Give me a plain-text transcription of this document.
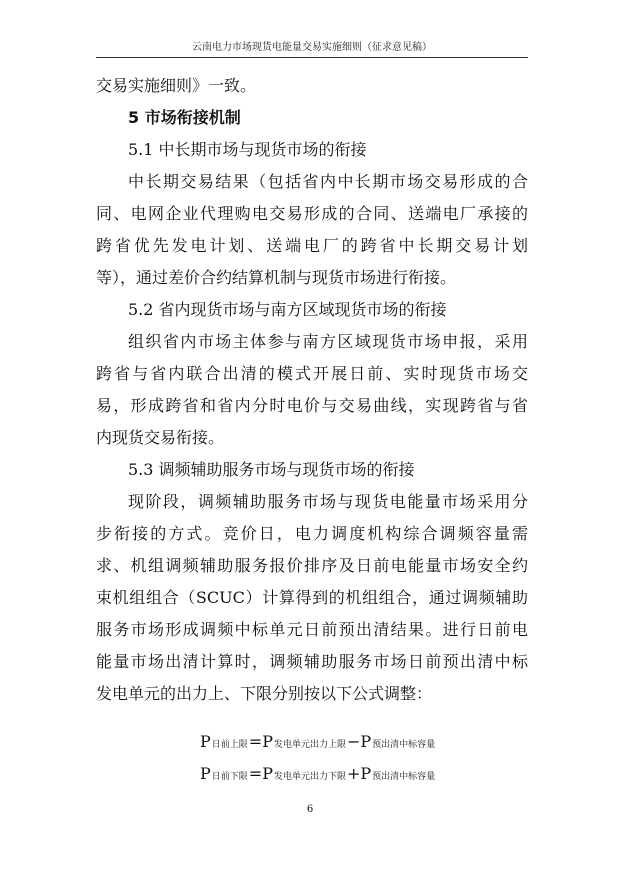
云南电力市场现货电能量交易实施细则（征求意见稿）
交易实施细则》一致。
5 市场衔接机制
5.1 中长期市场与现货市场的衔接
中长期交易结果（包括省内中长期市场交易形成的合
同、电网企业代理购电交易形成的合同、送端电厂承接的
跨省优先发电计划、送端电厂的跨省中长期交易计划
等），通过差价合约结算机制与现货市场进行衔接。
5.2 省内现货市场与南方区域现货市场的衔接
组织省内市场主体参与南方区域现货市场申报，采用
跨省与省内联合出清的模式开展日前、实时现货市场交
易，形成跨省和省内分时电价与交易曲线，实现跨省与省
内现货交易衔接。
5.3 调频辅助服务市场与现货市场的衔接
现阶段，调频辅助服务市场与现货电能量市场采用分
步衔接的方式。竞价日，电力调度机构综合调频容量需
求、机组调频辅助服务报价排序及日前电能量市场安全约
束机组组合（SCUC）计算得到的机组组合，通过调频辅助
服务市场形成调频中标单元日前预出清结果。进行日前电
能量市场出清计算时，调频辅助服务市场日前预出清中标
发电单元的出力上、下限分别按以下公式调整：
P日前上限=P发电单元出力上限−P预出清中标容量
P日前下限=P发电单元出力下限+P预出清中标容量
6
